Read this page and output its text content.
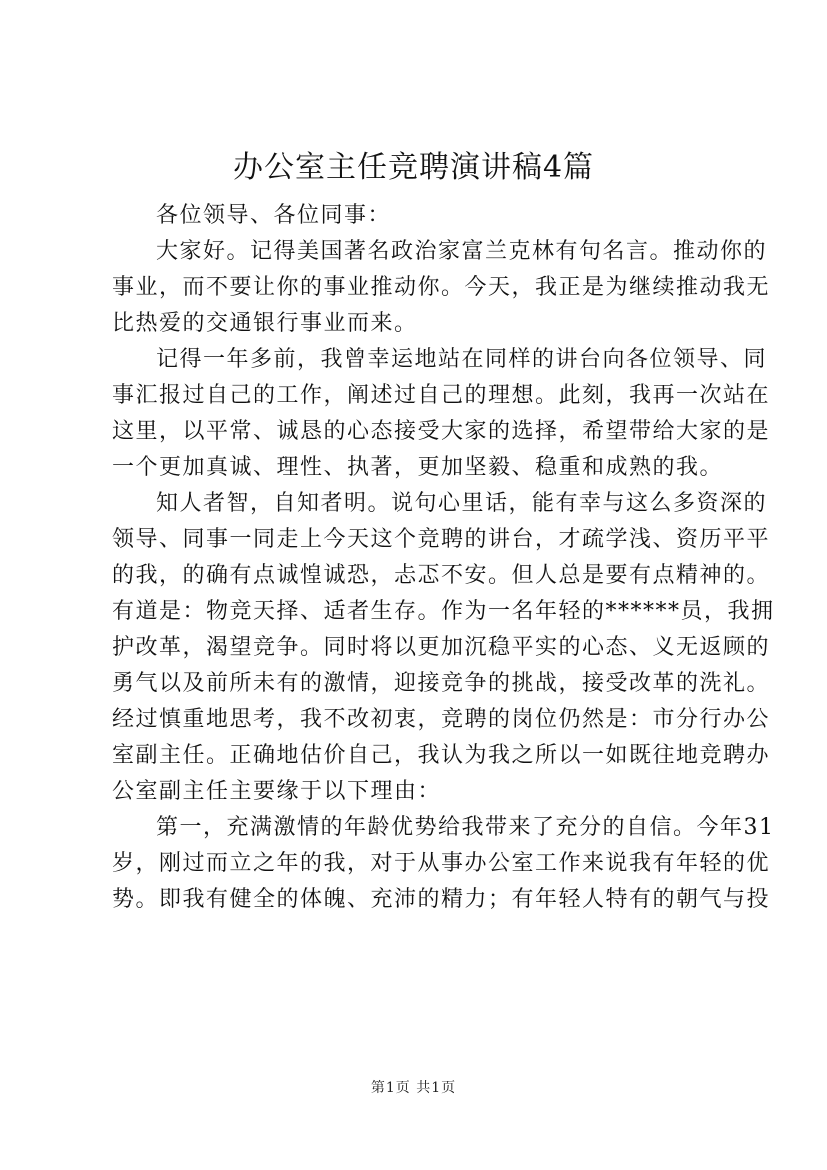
办公室主任竞聘演讲稿4篇
各位领导、各位同事：
大家好。记得美国著名政治家富兰克林有句名言。推动你的
事业，而不要让你的事业推动你。今天，我正是为继续推动我无
比热爱的交通银行事业而来。
记得一年多前，我曾幸运地站在同样的讲台向各位领导、同
事汇报过自己的工作，阐述过自己的理想。此刻，我再一次站在
这里，以平常、诚恳的心态接受大家的选择，希望带给大家的是
一个更加真诚、理性、执著，更加坚毅、稳重和成熟的我。
知人者智，自知者明。说句心里话，能有幸与这么多资深的
领导、同事一同走上今天这个竞聘的讲台，才疏学浅、资历平平
的我，的确有点诚惶诚恐，忐忑不安。但人总是要有点精神的。
有道是：物竞天择、适者生存。作为一名年轻的******员，我拥
护改革，渴望竞争。同时将以更加沉稳平实的心态、义无返顾的
勇气以及前所未有的激情，迎接竞争的挑战，接受改革的洗礼。
经过慎重地思考，我不改初衷，竞聘的岗位仍然是：市分行办公
室副主任。正确地估价自己，我认为我之所以一如既往地竞聘办
公室副主任主要缘于以下理由：
第一，充满激情的年龄优势给我带来了充分的自信。今年31
岁，刚过而立之年的我，对于从事办公室工作来说我有年轻的优
势。即我有健全的体魄、充沛的精力；有年轻人特有的朝气与投
第1页 共1页
